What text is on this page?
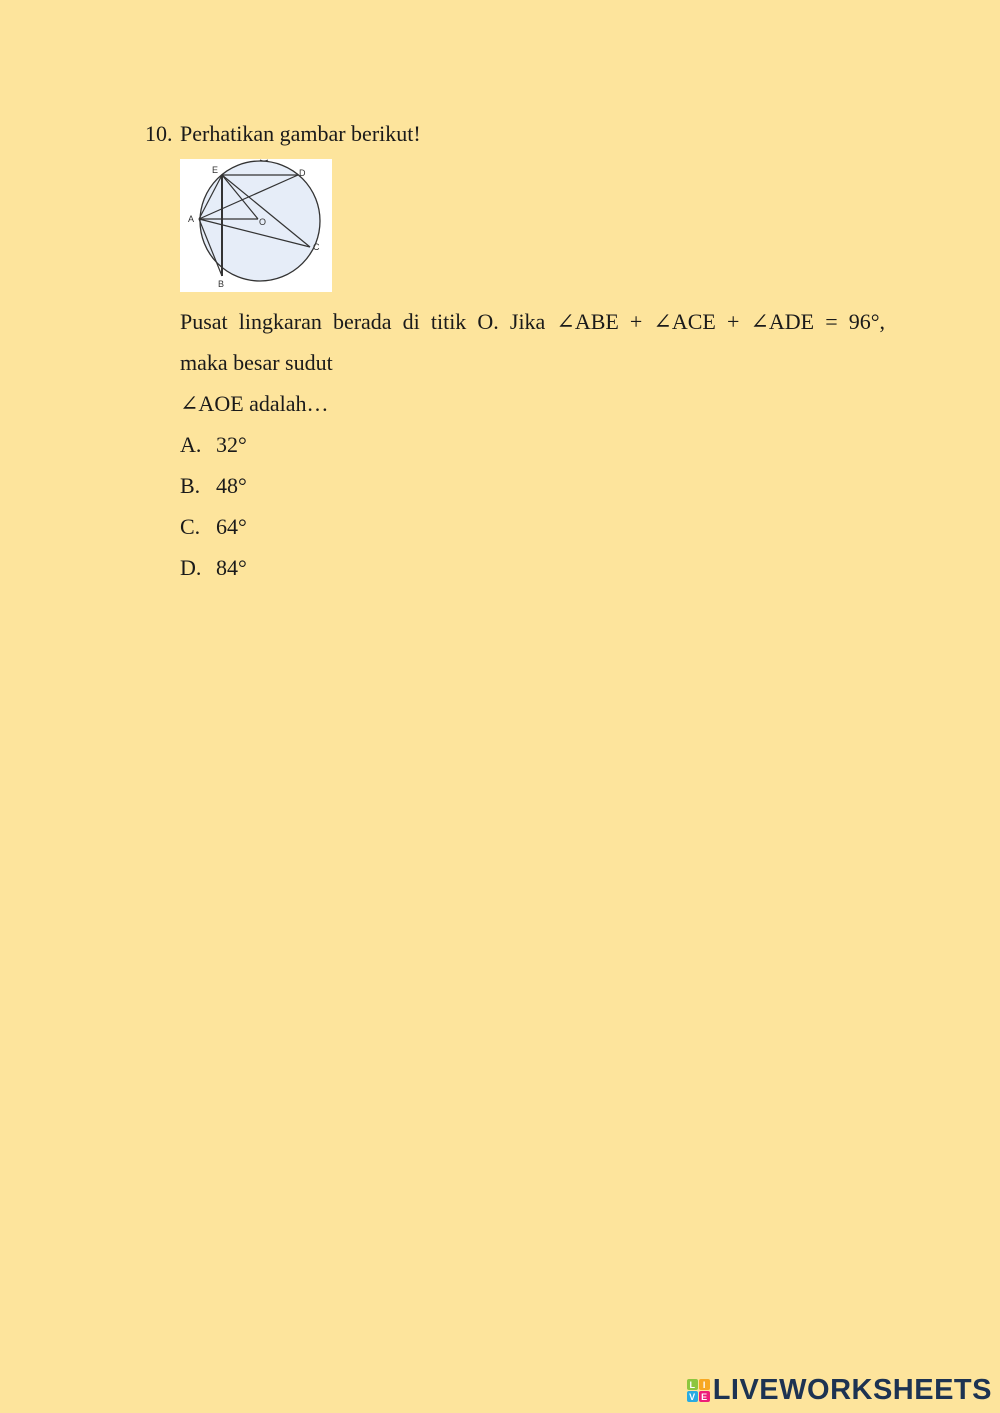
10. Perhatikan gambar berikut!
E	D
A	O
C
B
Pusat lingkaran berada di titik O. Jika ∠ABE + ∠ACE + ∠ADE = 96°,
maka besar sudut
∠AOE adalah…
A. 32°
B. 48°
C. 64°
D. 84°
L I
V E LIVEWORKSHEETS
